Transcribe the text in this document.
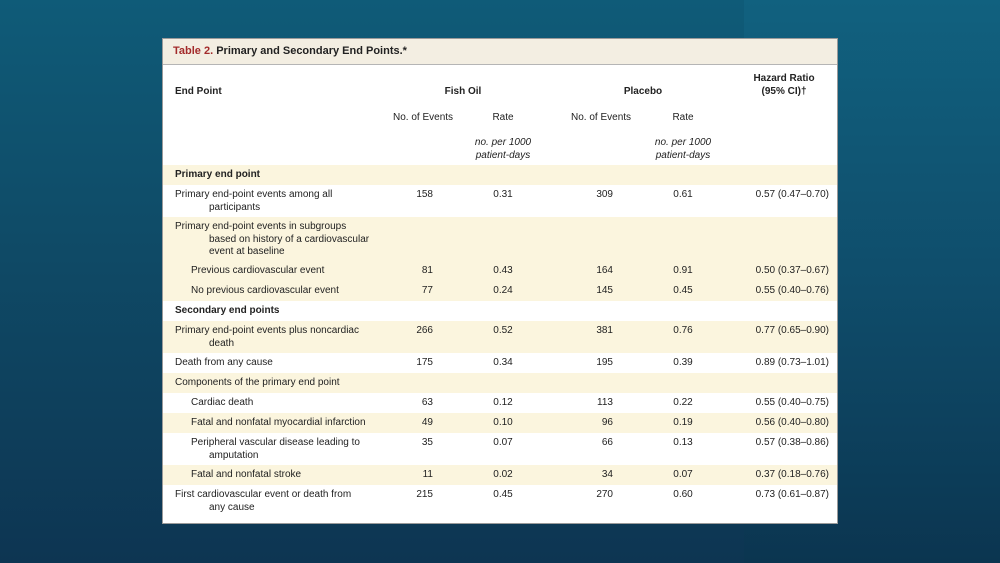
Table 2. Primary and Secondary End Points.*
End Point	Fish Oil	Placebo
Hazard Ratio
(95% CI)†
No. of Events	Rate	No. of Events	Rate
no. per 1000
patient-days
no. per 1000
patient-days
Primary end point
Primary end-point events among all
participants
158	0.31	309	0.61	0.57 (0.47–0.70)
Primary end-point events in subgroups
based on history of a cardiovascular
event at baseline
Previous cardiovascular event	81	0.43	164	0.91	0.50 (0.37–0.67)
No previous cardiovascular event	77	0.24	145	0.45	0.55 (0.40–0.76)
Secondary end points
Primary end-point events plus noncardiac
death
266	0.52	381	0.76	0.77 (0.65–0.90)
Death from any cause	175	0.34	195	0.39	0.89 (0.73–1.01)
Components of the primary end point
Cardiac death	63	0.12	113	0.22	0.55 (0.40–0.75)
Fatal and nonfatal myocardial infarction	49	0.10	96	0.19	0.56 (0.40–0.80)
Peripheral vascular disease leading to
amputation
35	0.07	66	0.13	0.57 (0.38–0.86)
Fatal and nonfatal stroke	11	0.02	34	0.07	0.37 (0.18–0.76)
First cardiovascular event or death from
any cause
215	0.45	270	0.60	0.73 (0.61–0.87)
